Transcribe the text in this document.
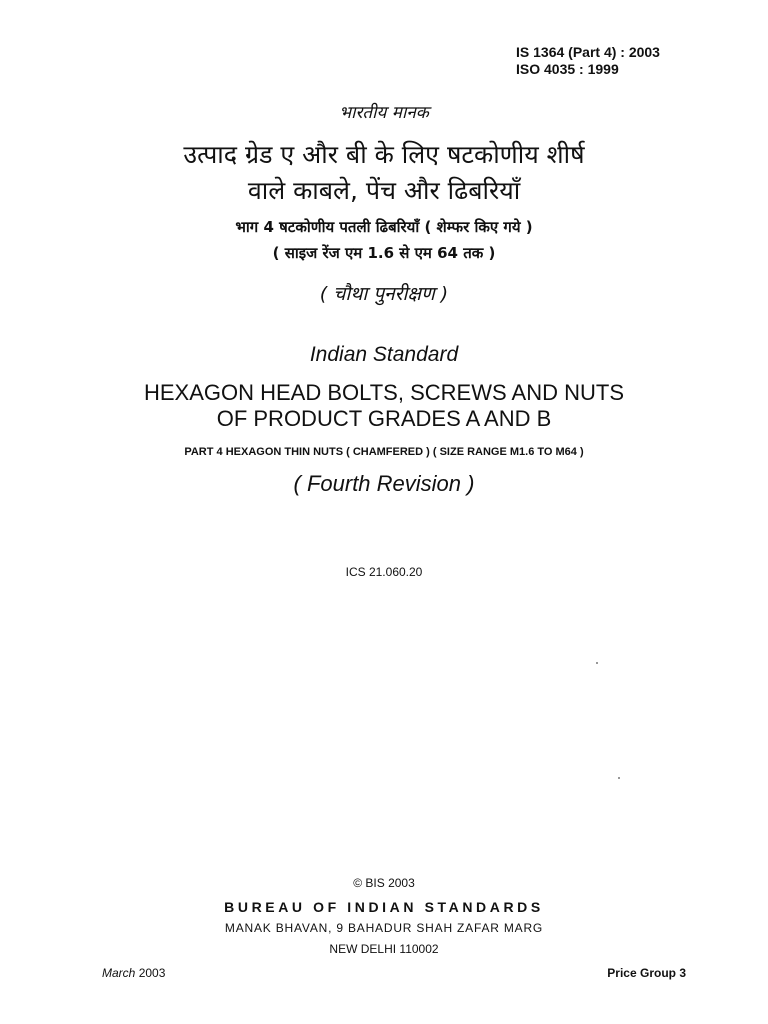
IS 1364 (Part 4) : 2003
ISO 4035 : 1999
भारतीय मानक
उत्पाद ग्रेड ए और बी के लिए षटकोणीय शीर्ष
वाले काबले, पेंच और ढिबरियाँ
भाग 4 षटकोणीय पतली ढिबरियाँ ( शेम्फर किए गये )
( साइज रेंज एम 1.6 से एम 64 तक )
( चौथा पुनरीक्षण )
Indian Standard
HEXAGON HEAD BOLTS, SCREWS AND NUTS
OF PRODUCT GRADES A AND B
PART 4 HEXAGON THIN NUTS ( CHAMFERED ) ( SIZE RANGE M1.6 TO M64 )
( Fourth Revision )
ICS 21.060.20
© BIS 2003
BUREAU OF INDIAN STANDARDS
MANAK BHAVAN, 9 BAHADUR SHAH ZAFAR MARG
NEW DELHI 110002
March 2003	Price Group 3
